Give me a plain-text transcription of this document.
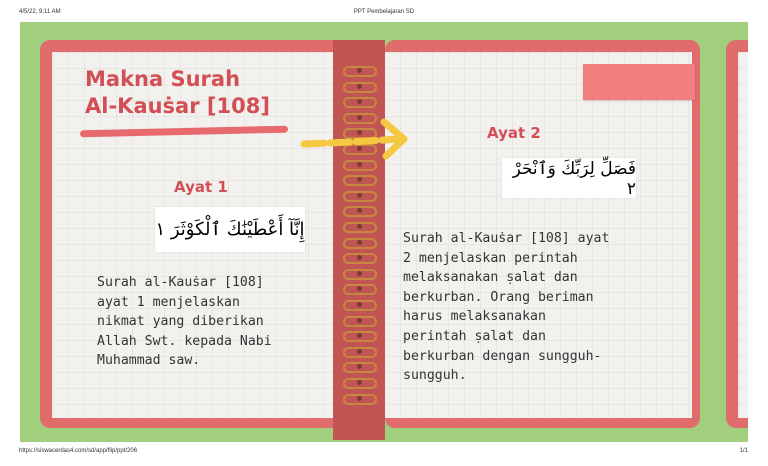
4/5/22, 9:11 AM	PPT Pembelajaran SD
Makna Surah
Al-Kauṡar [108]
Ayat 1
إِنَّآ أَعْطَيْنَٰكَ ٱلْكَوْثَرَ ١
Surah al-Kauṡar [108]
ayat 1 menjelaskan
nikmat yang diberikan
Allah Swt. kepada Nabi
Muhammad saw.
Ayat 2
فَصَلِّ لِرَبِّكَ وَٱنْحَرْ ٢
Surah al-Kauṡar [108] ayat
2 menjelaskan perintah
melaksanakan ṣalat dan
berkurban. Orang beriman
harus melaksanakan
perintah ṣalat dan
berkurban dengan sungguh-
sungguh.
https://siswacerdas4.com/sd/app/flip/ppt/206	1/1
